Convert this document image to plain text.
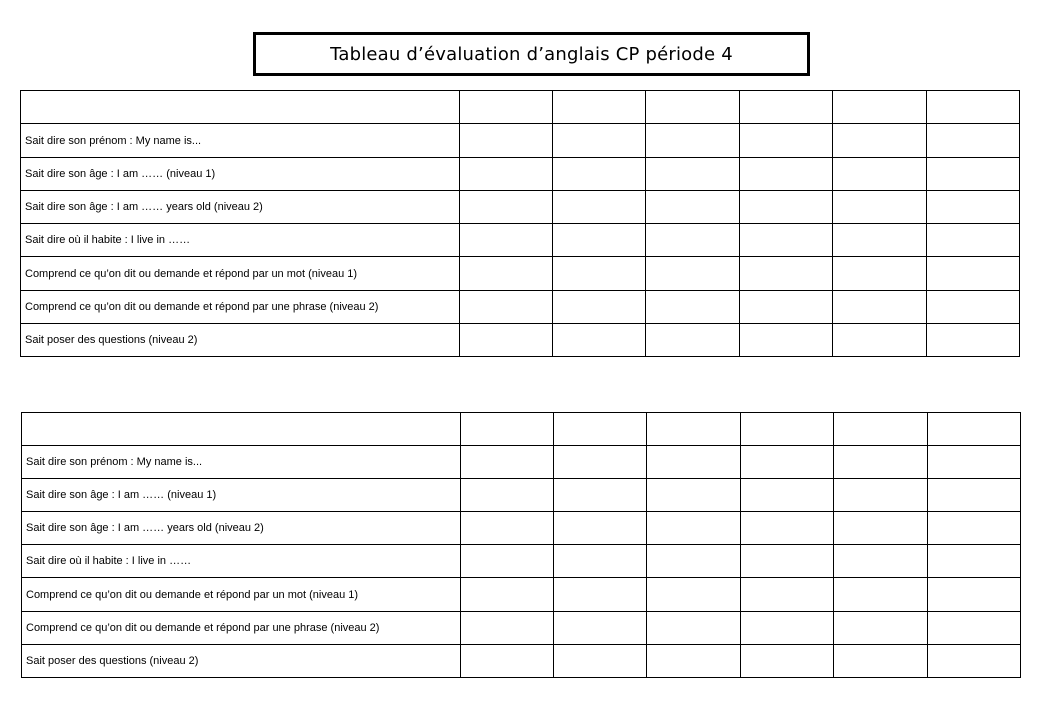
Tableau d’évaluation d’anglais CP période 4

Sait dire son prénom : My name is...						
Sait dire son âge : I am …… (niveau 1)						
Sait dire son âge : I am …… years old (niveau 2)						
Sait dire où il habite : I live in ……						
Comprend ce qu’on dit ou demande et répond par un mot (niveau 1)						
Comprend ce qu’on dit ou demande et répond par une phrase (niveau 2)						
Sait poser des questions (niveau 2)						

Sait dire son prénom : My name is...						
Sait dire son âge : I am …… (niveau 1)						
Sait dire son âge : I am …… years old (niveau 2)						
Sait dire où il habite : I live in ……						
Comprend ce qu’on dit ou demande et répond par un mot (niveau 1)						
Comprend ce qu’on dit ou demande et répond par une phrase (niveau 2)						
Sait poser des questions (niveau 2)						
